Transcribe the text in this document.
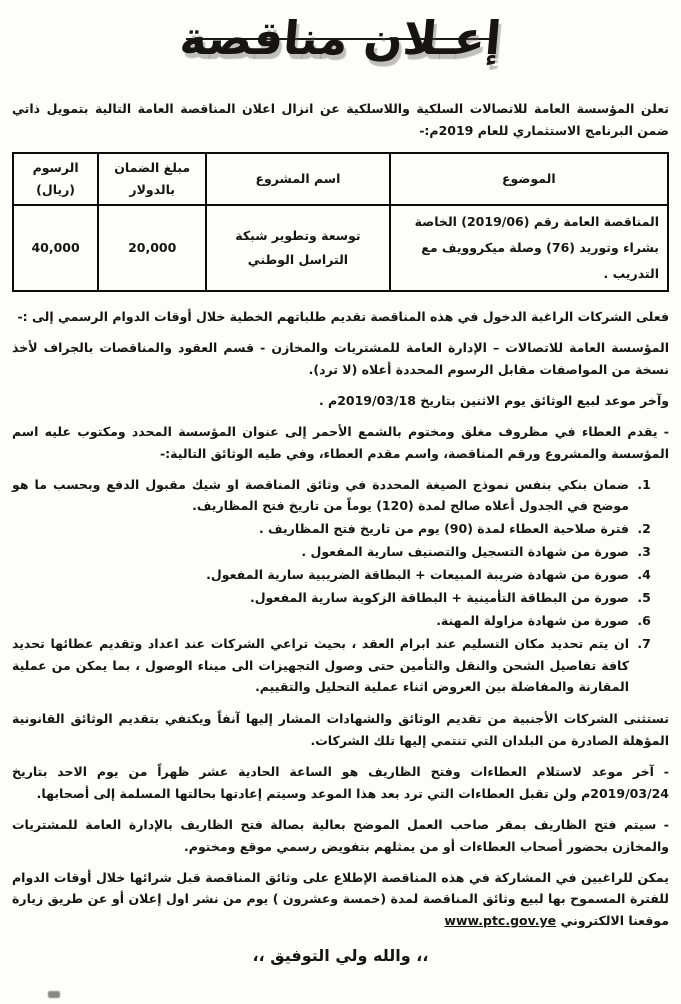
إعـلان مناقصة

تعلن المؤسسة العامة للاتصالات السلكية واللاسلكية عن انزال اعلان المناقصة العامة التالية بتمويل ذاتي ضمن البرنامج الاستثماري للعام 2019م:-

الموضوع	اسم المشروع	مبلغ الضمان بالدولار	الرسوم (ريال)
المناقصة العامة رقم (2019/06) الخاصة بشراء وتوريد (76) وصلة ميكروويف مع التدريب .	توسعة وتطوير شبكة التراسل الوطني	20,000	40,000

فعلى الشركات الراغبة الدخول في هذه المناقصة تقديم طلباتهم الخطية خلال أوقات الدوام الرسمي إلى :-

المؤسسة العامة للاتصالات – الإدارة العامة للمشتريات والمخازن - قسم العقود والمناقصات بالجراف لأخذ نسخة من المواصفات مقابل الرسوم المحددة أعلاه (لا ترد).

وآخر موعد لبيع الوثائق يوم الاثنين بتاريخ 2019/03/18م .

- يقدم العطاء في مظروف مغلق ومختوم بالشمع الأحمر إلى عنوان المؤسسة المحدد ومكتوب عليه اسم المؤسسة والمشروع ورقم المناقصة، واسم مقدم العطاء، وفي طيه الوثائق التالية:-

1. ضمان بنكي بنفس نموذج الصيغة المحددة في وثائق المناقصة او شيك مقبول الدفع وبحسب ما هو موضح في الجدول أعلاه صالح لمدة (120) يوماً من تاريخ فتح المظاريف.
2. فترة صلاحية العطاء لمدة (90) يوم من تاريخ فتح المظاريف .
3. صورة من شهادة التسجيل والتصنيف سارية المفعول .
4. صورة من شهادة ضريبة المبيعات + البطاقة الضريبية سارية المفعول.
5. صورة من البطاقة التأمينية + البطاقة الزكوية سارية المفعول.
6. صورة من شهادة مزاولة المهنة.
7. ان يتم تحديد مكان التسليم عند ابرام العقد ، بحيث تراعي الشركات عند اعداد وتقديم عطائها تحديد كافة تفاصيل الشحن والنقل والتأمين حتى وصول التجهيزات الى ميناء الوصول ، بما يمكن من عملية المقارنة والمفاضلة بين العروض اثناء عملية التحليل والتقييم.

تستثنى الشركات الأجنبية من تقديم الوثائق والشهادات المشار إليها آنفاً ويكتفي بتقديم الوثائق القانونية المؤهلة الصادرة من البلدان التي تنتمي إليها تلك الشركات.

- آخر موعد لاستلام العطاءات وفتح الظاريف هو الساعة الحادية عشر ظهراً من يوم الاحد بتاريخ 2019/03/24م ولن تقبل العطاءات التي ترد بعد هذا الموعد وسيتم إعادتها بحالتها المسلمة إلى أصحابها.

- سيتم فتح الظاريف بمقر صاحب العمل الموضح بعالية بصالة فتح الظاريف بالإدارة العامة للمشتريات والمخازن بحضور أصحاب العطاءات أو من يمثلهم بتفويض رسمي موقع ومختوم.

يمكن للراغبين في المشاركة في هذه المناقصة الإطلاع على وثائق المناقصة قبل شرائها خلال أوقات الدوام للفترة المسموح بها لبيع وثائق المناقصة لمدة (خمسة وعشرون ) يوم من نشر اول إعلان أو عن طريق زيارة موقعنا الالكتروني www.ptc.gov.ye

،، والله ولي التوفيق ،،
